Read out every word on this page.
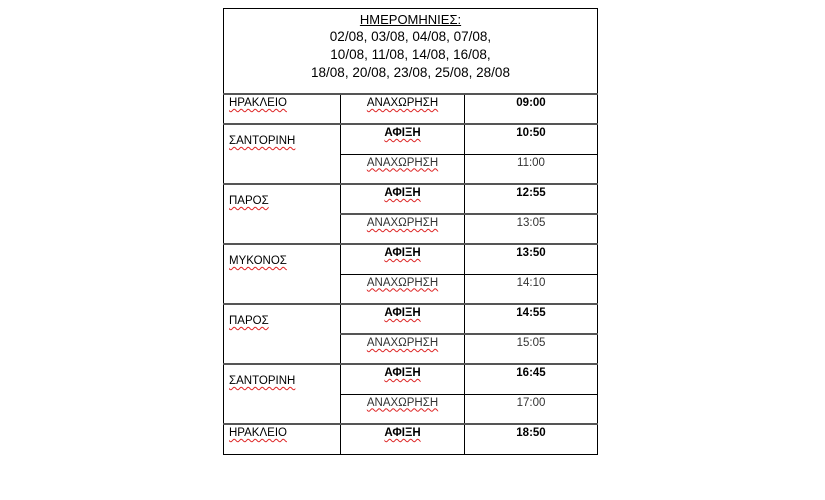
ΗΜΕΡΟΜΗΝΙΕΣ:
02/08, 03/08, 04/08, 07/08,
10/08, 11/08, 14/08, 16/08,
18/08, 20/08, 23/08, 25/08, 28/08		

ΗΡΑΚΛΕΙΟ	ΑΝΑΧΩΡΗΣΗ	09:00
ΣΑΝΤΟΡΙΝΗ	ΑΦΙΞΗ	10:50
	ΑΝΑΧΩΡΗΣΗ	11:00
ΠΑΡΟΣ	ΑΦΙΞΗ	12:55
	ΑΝΑΧΩΡΗΣΗ	13:05
ΜΥΚΟΝΟΣ	ΑΦΙΞΗ	13:50
	ΑΝΑΧΩΡΗΣΗ	14:10
ΠΑΡΟΣ	ΑΦΙΞΗ	14:55
	ΑΝΑΧΩΡΗΣΗ	15:05
ΣΑΝΤΟΡΙΝΗ	ΑΦΙΞΗ	16:45
	ΑΝΑΧΩΡΗΣΗ	17:00
ΗΡΑΚΛΕΙΟ	ΑΦΙΞΗ	18:50
